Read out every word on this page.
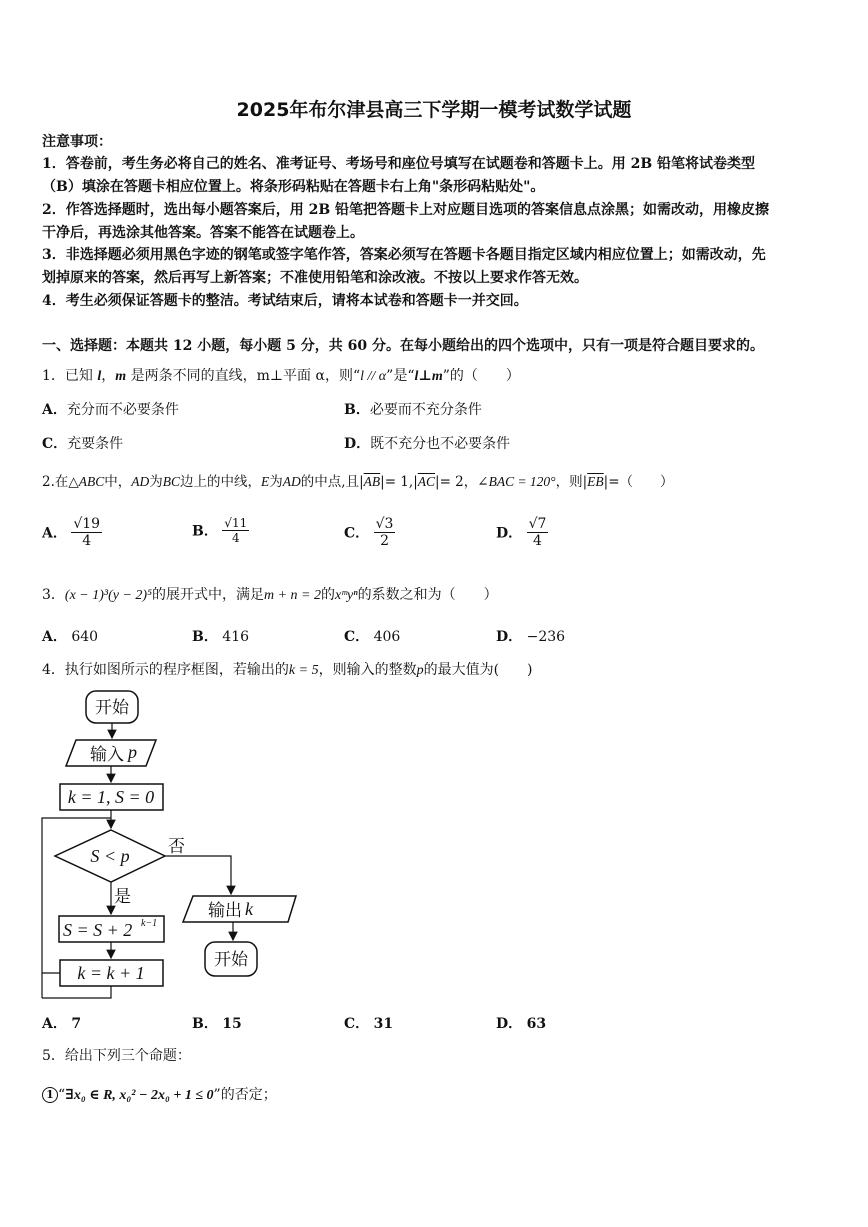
2025年布尔津县高三下学期一模考试数学试题
注意事项：
1．答卷前，考生务必将自己的姓名、准考证号、考场号和座位号填写在试题卷和答题卡上。用 2B 铅笔将试卷类型
（B）填涂在答题卡相应位置上。将条形码粘贴在答题卡右上角"条形码粘贴处"。
2．作答选择题时，选出每小题答案后，用 2B 铅笔把答题卡上对应题目选项的答案信息点涂黑；如需改动，用橡皮擦
干净后，再选涂其他答案。答案不能答在试题卷上。
3．非选择题必须用黑色字迹的钢笔或签字笔作答，答案必须写在答题卡各题目指定区域内相应位置上；如需改动，先
划掉原来的答案，然后再写上新答案；不准使用铅笔和涂改液。不按以上要求作答无效。
4．考生必须保证答题卡的整洁。考试结束后，请将本试卷和答题卡一并交回。
一、选择题：本题共 12 小题，每小题 5 分，共 60 分。在每小题给出的四个选项中，只有一项是符合题目要求的。
1．已知 l，m 是两条不同的直线，m⊥平面 α，则“l // α”是“l⊥m”的（　　）
A．充分而不必要条件	B．必要而不充分条件
C．充要条件	D．既不充分也不必要条件
2.在△ABC中，AD为BC边上的中线，E为AD的中点,且$|\overline{AB}|= 1,|\overline{AC}|= 2$，∠BAC = 120°，则$|\overline{EB}|=$（　　）
A． $\frac{√19}{4}$	B． $\frac{√11}{4}$	C． $\frac{√3}{2}$	D． $\frac{√7}{4}$
3．(x − 1)³(y − 2)⁵的展开式中，满足m + n = 2的xᵐyⁿ的系数之和为（　　）
A． 640	B． 416	C． 406	D． −236
4．执行如图所示的程序框图，若输出的k = 5，则输入的整数p的最大值为(　　)
开始
输入 p
k = 1, S = 0
S < p 否
输出 k
开始
是
S = S + 2 k−1
k = k + 1
A． 7	B． 15	C． 31	D． 63
5．给出下列三个命题：
1 “∃x₀ ∈ R, x₀² − 2x₀ + 1 ≤ 0”的否定；
